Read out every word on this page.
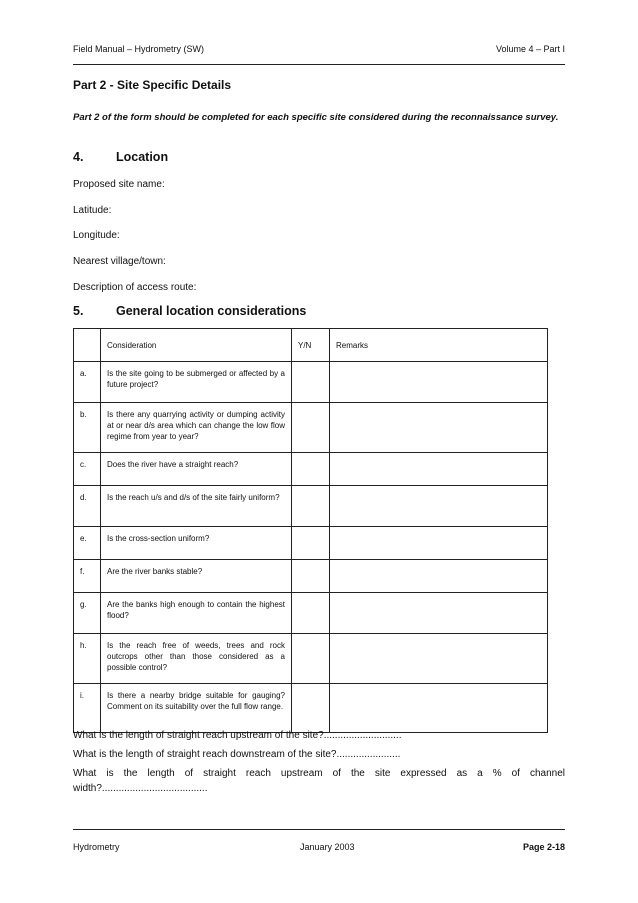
Field Manual – Hydrometry (SW)	Volume 4 – Part I
Part 2 - Site Specific Details
Part 2 of the form should be completed for each specific site considered during the reconnaissance survey.
4.	Location
Proposed site name:
Latitude:
Longitude:
Nearest village/town:
Description of access route:
5.	General location considerations
	Consideration	Y/N	Remarks
a.	Is the site going to be submerged or affected by a future project?		
b.	Is there any quarrying activity or dumping activity at or near d/s area which can change the low flow regime from year to year?		
c.	Does the river have a straight reach?		
d.	Is the reach u/s and d/s of the site fairly uniform?		
e.	Is the cross-section uniform?		
f.	Are the river banks stable?		
g.	Are the banks high enough to contain the highest flood?		
h.	Is the reach free of weeds, trees and rock outcrops other than those considered as a possible control?		
i.	Is there a nearby bridge suitable for gauging? Comment on its suitability over the full flow range.		
What is the length of straight reach upstream of the site?............................
What is the length of straight reach downstream of the site?.......................
What is the length of straight reach upstream of the site expressed as a % of channel width?......................................
Hydrometry	January 2003	Page 2-18
